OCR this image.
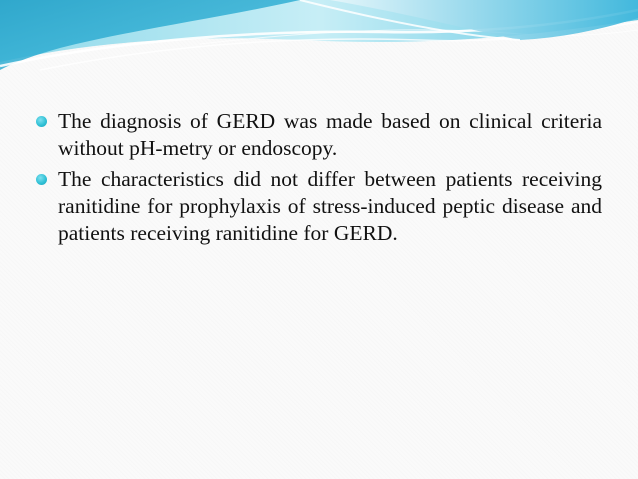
The diagnosis of GERD was made based on clinical criteria without pH-metry or endoscopy.
The characteristics did not differ between patients receiving ranitidine for prophylaxis of stress-induced peptic disease and patients receiving ranitidine for GERD.
